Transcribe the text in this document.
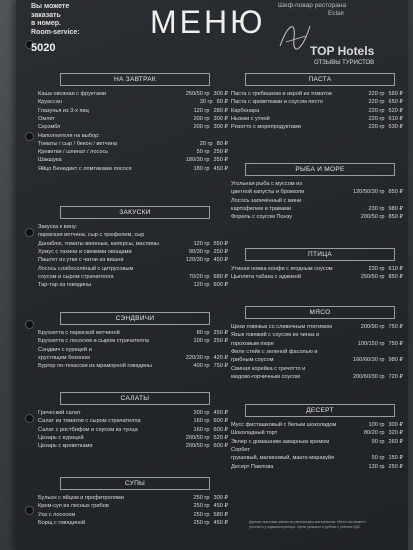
Вы можете
заказать
в номер.
Room-service:
5020
МЕНЮ Шеф-повар ресторана
Eclair
TOP Hotels
ОТЗЫВЫ ТУРИСТОВ
НА ЗАВТРАК
Каша овсяная с фруктами	250/50 гр 300 ₽
Круассан	30 гр 60 ₽
Глазунья из 3-х яиц	120 гр 280 ₽
Омлет	200 гр 300 ₽
Скрэмбл	200 гр 300 ₽
Наполнители на выбор:
Томаты / сыр / бекон / ветчина	20 гр 80 ₽
Креветки / шпинат / лосось	50 гр 250 ₽
Шакшука	180/30 гр 350 ₽
Яйцо Бенедикт с ломтиками лосося	180 гр 450 ₽
ЗАКУСКИ
Закуска к вину:
пармская ветчина, сыр с трюфелем, сыр
Данаблю, томаты вяленые, каперсы, маслины	120 гр 550 ₽
Хумус с тахини и свежими овощами	90/30 гр 250 ₽
Паштет из утки с чатни из вишни	120/30 гр 450 ₽
Лосось слабосолёный с цитрусовым
соусом и сыром страчателла	70/20 гр 680 ₽
Тар-тар из говядины	120 гр 600 ₽
СЭНДВИЧИ
Брускетта с пармской ветчиной	80 гр 250 ₽
Брускетта с лососем и сыром страчателла	100 гр 250 ₽
Сэндвич с курицей и
хрустящим беконом	220/30 гр 420 ₽
Бургер по-техасски из мраморной говядины	400 гр 750 ₽
САЛАТЫ
Греческий салат	200 гр 450 ₽
Салат из томатов с сыром страчателла	160 гр 600 ₽
Салат с ростбифом и соусом из тунца	160 гр 600 ₽
Цезарь с курицей	200/50 гр 520 ₽
Цезарь с креветками	200/50 гр 600 ₽
СУПЫ
Бульон с яйцом и профитролями	250 гр 300 ₽
Крем-суп из лесных грибов	250 гр 450 ₽
Уха с лососем	250 гр 580 ₽
Борщ с говядиной	250 гр 450 ₽
ПАСТА
Паста с гребешком и икрой из томатов	220 гр 560 ₽
Паста с креветками и соусом песто	220 гр 650 ₽
Карбонара	220 гр 520 ₽
Ньокки с утной	220 гр 610 ₽
Ризотто с морепродуктами	220 гр 530 ₽
РЫБА И МОРЕ
Угольная рыба с муссом из
цветной капусты и брокколи	120/50/30 гр 850 ₽
Лосось запечённый с мини
картофелем и травами	230 гр 980 ₽
Форель с соусом Понзу	200/50 гр 850 ₽
ПТИЦА
Утиная ножка конфи с ягодным соусом	230 гр 610 ₽
Цыплята табака с аджикой	250/50 гр 850 ₽
МЯСО
Щеки говяжьи со сливочным птитимом	200/90 гр 750 ₽
Язык говяжий с соусом из чиназ и
гороховым пюре	100/150 гр 750 ₽
Филе стейк с зеленой фасолью и
грибным соусом	160/60/30 гр 980 ₽
Свиная корейка с гречотто и
медово-горчичным соусом	200/60/30 гр 720 ₽
ДЕСЕРТ
Мусс фисташковый с белым шоколадом	100 гр 300 ₽
Шоколадный торт	80/20 гр 320 ₽
Эклер с домашним заварным кремом	90 гр 260 ₽
Сорбет
грушевый, малиновый, манго-маракуйя	50 гр 150 ₽
Десерт Павлова	130 гр 250 ₽
Данная листовка является рекламным материалом. Меню вы можете
уточнить у администратора. Цены указаны в рублях с учётом НДС
